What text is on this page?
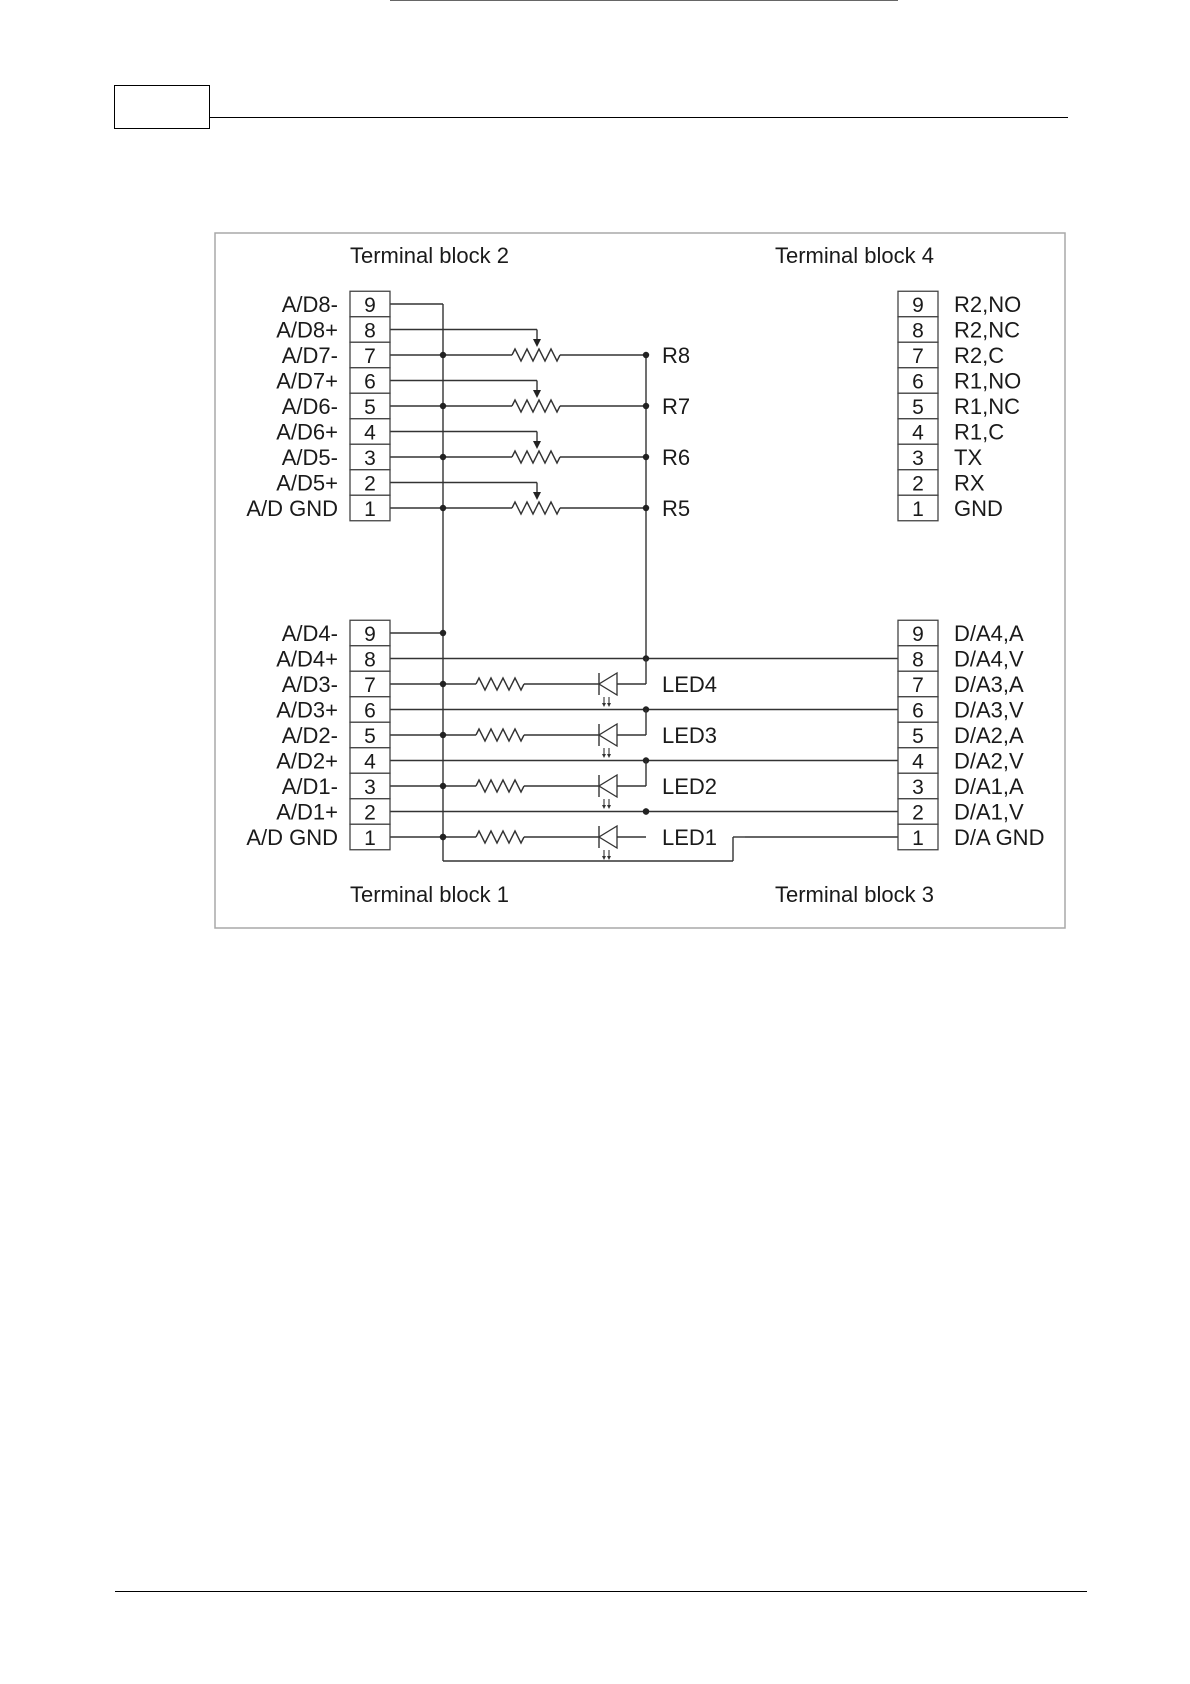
R8
R7
R6
R5
LED4
LED3
LED2
LED1
9
A/D8-
8
A/D8+
7
A/D7-
6
A/D7+
5
A/D6-
4
A/D6+
3
A/D5-
2
A/D5+
1
A/D GND
9 R2,NO
8 R2,NC
7 R2,C
6 R1,NO
5 R1,NC
4 R1,C
3 TX
2 RX
1 GND
9
A/D4-
8
A/D4+
7
A/D3-
6
A/D3+
5
A/D2-
4
A/D2+
3
A/D1-
2
A/D1+
1
A/D GND
9 D/A4,A
8 D/A4,V
7 D/A3,A
6 D/A3,V
5 D/A2,A
4 D/A2,V
3 D/A1,A
2 D/A1,V
1 D/A GND
Terminal block 2	Terminal block 4
Terminal block 1	Terminal block 3
